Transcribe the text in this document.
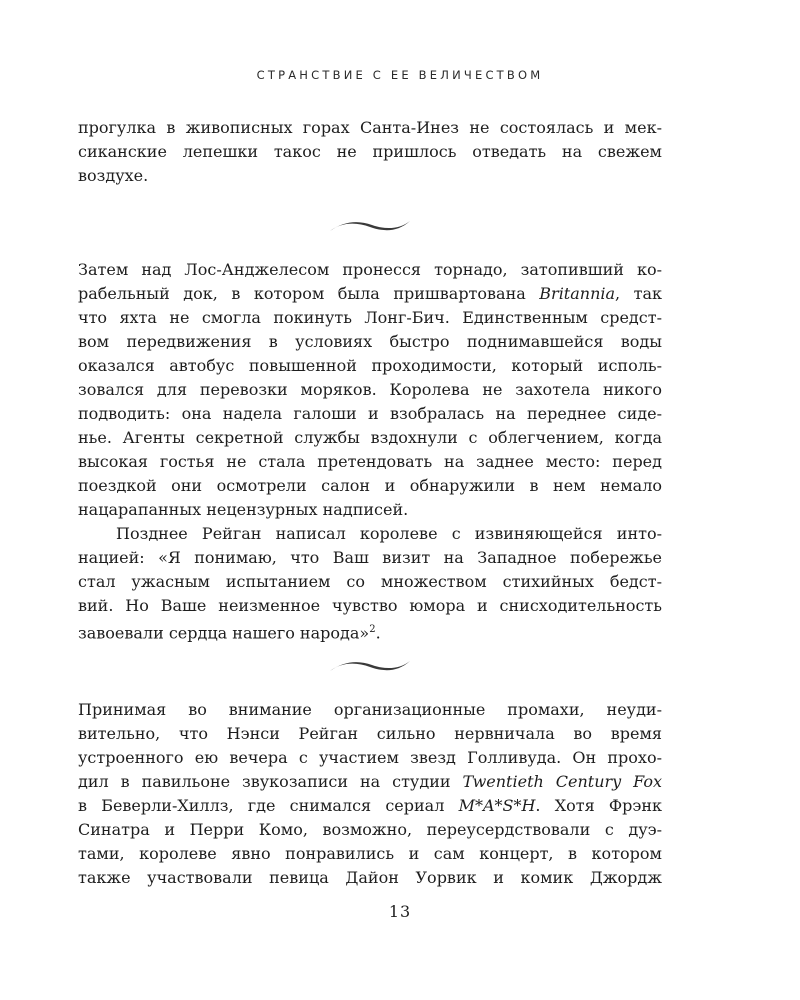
СТРАНСТВИЕ С ЕЕ ВЕЛИЧЕСТВОМ

прогулка в живописных горах Санта-Инез не состоялась и мек-
сиканские лепешки такос не пришлось отведать на свежем
воздухе.

Затем над Лос-Анджелесом пронесся торнадо, затопивший ко-
рабельный док, в котором была пришвартована Britannia, так
что яхта не смогла покинуть Лонг-Бич. Единственным средст-
вом передвижения в условиях быстро поднимавшейся воды
оказался автобус повышенной проходимости, который исполь-
зовался для перевозки моряков. Королева не захотела никого
подводить: она надела галоши и взобралась на переднее сиде-
нье. Агенты секретной службы вздохнули с облегчением, когда
высокая гостья не стала претендовать на заднее место: перед
поездкой они осмотрели салон и обнаружили в нем немало
нацарапанных нецензурных надписей.

Позднее Рейган написал королеве с извиняющейся инто-
нацией: «Я понимаю, что Ваш визит на Западное побережье
стал ужасным испытанием со множеством стихийных бедст-
вий. Но Ваше неизменное чувство юмора и снисходительность
завоевали сердца нашего народа»$^2$.

Принимая во внимание организационные промахи, неуди-
вительно, что Нэнси Рейган сильно нервничала во время
устроенного ею вечера с участием звезд Голливуда. Он прохо-
дил в павильоне звукозаписи на студии Twentieth Century Fox
в Беверли-Хиллз, где снимался сериал M*A*S*H. Хотя Фрэнк
Синатра и Перри Комо, возможно, переусердствовали с дуэ-
тами, королеве явно понравились и сам концерт, в котором
также участвовали певица Дайон Уорвик и комик Джордж

13
